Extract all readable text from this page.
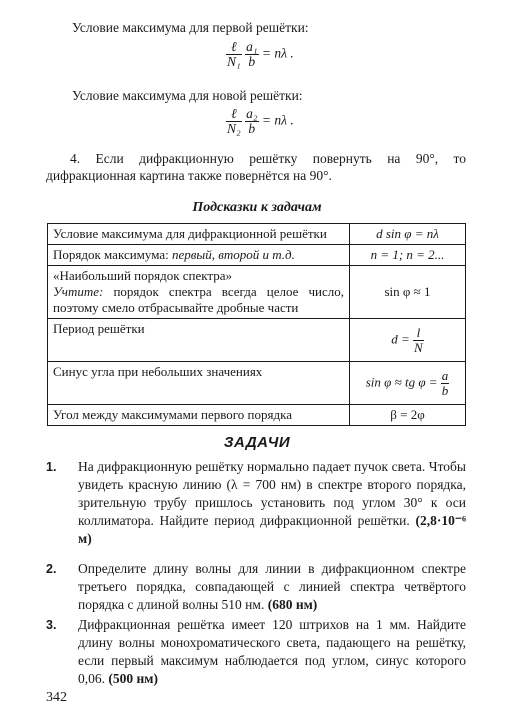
Условие максимума для первой решётки:
$\frac{\text{ℓ}}{\text{N₁}}$
$\frac{\text{a₁}}{b} = n\lambda$ .
Условие максимума для новой решётки:
$\frac{\text{ℓ}}{\text{N₂}}$
$\frac{\text{a₂}}{b} = n\lambda$ .
4. Если дифракционную решётку повернуть на 90°, то дифракционная картина также повернётся на 90°.
Подсказки к задачам
Условие максимума для дифракционной решётки	d sin φ = nλ
Порядок максимума: первый, второй и т.д.	n = 1; n = 2...

«Наибольший порядок спектра»
Учтите: порядок спектра всегда целое число, поэтому смело отбрасывайте дробные части	sin φ ≈ 1
Период решётки	$d = \frac{l}{N}$

Синус угла при небольших значениях	sin φ ≈ tg $\varphi = \frac{a}{b}$

Угол между максимумами первого порядка	β = 2φ
ЗАДАЧИ
1. На дифракционную решётку нормально падает пучок света. Чтобы увидеть красную линию (λ = 700 нм) в спектре второго порядка, зрительную трубу пришлось установить под углом 30° к оси коллиматора. Найдите период дифракционной решётки. (2,8·10⁻⁶ м)
2. Определите длину волны для линии в дифракционном спектре третьего порядка, совпадающей с линией спектра четвёртого порядка с длиной волны 510 нм. (680 нм)
3. Дифракционная решётка имеет 120 штрихов на 1 мм. Найдите длину волны монохроматического света, падающего на решётку, если первый максимум наблюдается под углом, синус которого 0,06. (500 нм)
342
